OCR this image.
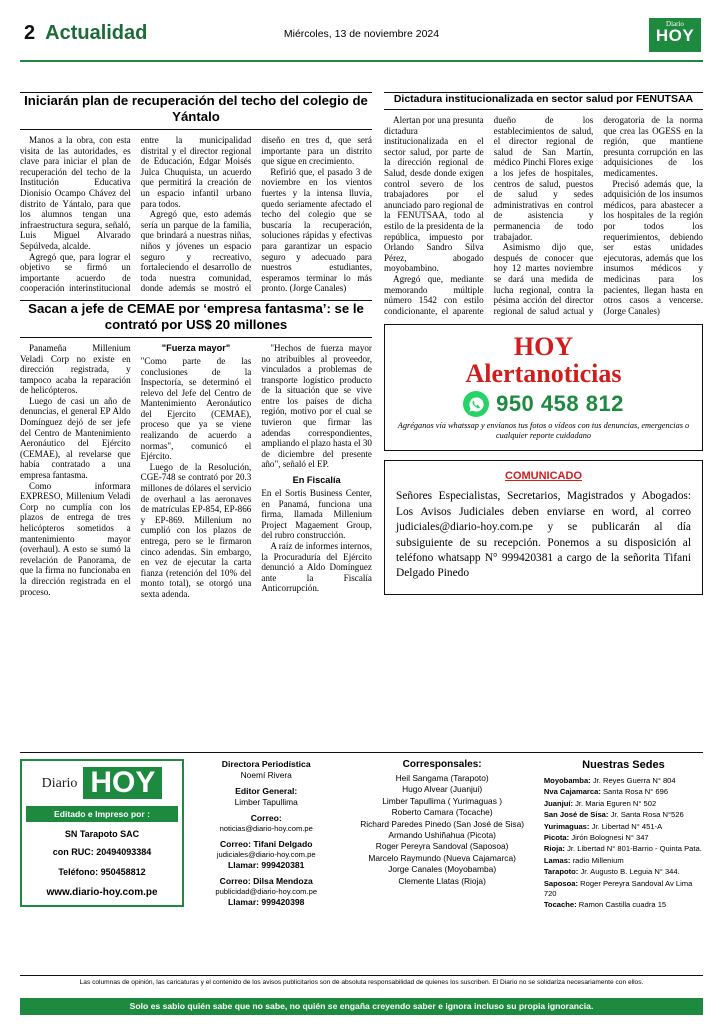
2 Actualidad	Miércoles, 13 de noviembre 2024
Diario
HOY
Iniciarán plan de recuperación del techo del colegio de Yántalo

Manos a la obra, con esta visita de las autoridades, es clave para iniciar el plan de recuperación del techo de la Institución Educativa Dionisio Ocampo Chávez del distrito de Yántalo, para que los alumnos tengan una infraestructura segura, señaló, Luis Miguel Alvarado Sepúlveda, alcalde.

Agregó que, para lograr el objetivo se firmó un importante acuerdo de cooperación interinstitucional entre la municipalidad distrital y el director regional de Educación, Edgar Moisés Julca Chuquista, un acuerdo que permitirá la creación de un espacio infantil urbano para todos.

Agregó que, esto además sería un parque de la familia, que brindará a nuestras niñas, niños y jóvenes un espacio seguro y recreativo, fortaleciendo el desarrollo de toda nuestra comunidad, donde además se mostró el diseño en tres d, que será importante para un distrito que sigue en crecimiento.

Refirió que, el pasado 3 de noviembre en los vientos fuertes y la intensa lluvia, quedo seriamente afectado el techo del colegio que se buscaría la recuperación, soluciones rápidas y efectivas para garantizar un espacio seguro y adecuado para nuestros estudiantes, esperamos terminar lo más pronto. (Jorge Canales)

Sacan a jefe de CEMAE por ‘empresa fantasma’: se le contrató por US$ 20 millones

Panameña Millenium Veladi Corp no existe en dirección registrada, y tampoco acaba la reparación de helicópteros.

Luego de casi un año de denuncias, el general EP Aldo Domínguez dejó de ser jefe del Centro de Mantenimiento Aeronáutico del Ejército (CEMAE), al revelarse que había contratado a una empresa fantasma.

Como informara EXPRESO, Millenium Veladi Corp no cumplía con los plazos de entrega de tres helicópteros sometidos a mantenimiento mayor (overhaul). A esto se sumó la revelación de Panorama, de que la firma no funcionaba en la dirección registrada en el proceso.

"Fuerza mayor"

"Como parte de las conclusiones de la Inspectoría, se determinó el relevo del Jefe del Centro de Mantenimiento Aeronáutico del Ejercito (CEMAE), proceso que ya se viene realizando de acuerdo a normas", comunicó el Ejército.

Luego de la Resolución, CGE-748 se contrató por 20.3 millones de dólares el servicio de overhaul a las aeronaves de matrículas EP-854, EP-866 y EP-869. Millenium no cumplió con los plazos de entrega, pero se le firmaron cinco adendas. Sin embargo, en vez de ejecutar la carta fianza (retención del 10% del monto total), se otorgó una sexta adenda.

"Hechos de fuerza mayor no atribuibles al proveedor, vinculados a problemas de transporte logístico producto de la situación que se vive entre los países de dicha región, motivo por el cual se tuvieron que firmar las adendas correspondientes, ampliando el plazo hasta el 30 de diciembre del presente año", señaló el EP.

En Fiscalía

En el Sortis Business Center, en Panamá, funciona una firma, llamada Millenium Project Magaement Group, del rubro construcción.

A raíz de informes internos, la Procuraduría del Ejército denunció a Aldo Domínguez ante la Fiscalía Anticorrupción.

Dictadura institucionalizada en sector salud por FENUTSAA

Alertan por una presunta dictadura institucionalizada en el sector salud, por parte de la dirección regional de Salud, desde donde exigen control severo de los trabajadores por el anunciado paro regional de la FENUTSAA, todo al estilo de la presidenta de la república, impuesto por Orlando Sandro Silva Pérez, abogado moyobambino.

Agregó que, mediante memorando múltiple número 1542 con estilo condicionante, el aparente dueño de los establecimientos de salud, el director regional de salud de San Martín, médico Pinchi Flores exige a los jefes de hospitales, centros de salud, puestos de salud y sedes administrativas en control de asistencia y permanencia de todo trabajador.

Asimismo dijo que, después de conocer que hoy 12 martes noviembre se dará una medida de lucha regional, contra la pésima acción del director regional de salud actual y derogatoria de la norma que crea las OGESS en la región, que mantiene presunta corrupción en las adquisiciones de los medicamentes.

Precisó además que, la adquisición de los insumos médicos, para abastecer a los hospitales de la región por todos los requerimientos, debiendo ser estas unidades ejecutoras, además que los insumos médicos y medicinas para los pacientes, llegan hasta en otros casos a vencerse. (Jorge Canales)

HOY
Alertanoticias
950 458 812
Agréganos vía whatssap y envíanos tus fotos o vídeos con tus denuncias, emergencias o cualquier reporte cuidadano
COMUNICADO
Señores Especialistas, Secretarios, Magistrados y Abogados: Los Avisos Judiciales deben enviarse en word, al correo judiciales@diario-hoy.com.pe y se publicarán al día subsiguiente de su recepción. Ponemos a su disposición al teléfono whatsapp N° 999420381 a cargo de la señorita Tifani Delgado Pinedo
Diario HOY
Editado e Impreso por :
SN Tarapoto SAC
con RUC: 20494093384
Teléfono: 950458812
www.diario-hoy.com.pe
Directora Periodística
Noemí Rivera
Editor General:
Limber Tapullima
Correo:
noticias@diario-hoy.com.pe
Correo: Tifani Delgado
judiciales@diario-hoy.com.pe
Llamar: 999420381
Correo: Dilsa Mendoza
publicidad@diario-hoy.com.pe
Llamar: 999420398
Corresponsales:
Heil Sangama (Tarapoto)
Hugo Alvear (Juanjui)
Limber Tapullima ( Yurimaguas )
Roberto Camara (Tocache)
Richard Paredes Pinedo (San José de Sisa)
Armando Ushiñahua (Picota)
Roger Pereyra Sandoval (Saposoa)
Marcelo Raymundo (Nueva Cajamarca)
Jorge Canales (Moyobamba)
Clemente Llatas (Rioja)
Nuestras Sedes
Moyobamba: Jr. Reyes Guerra N° 804
Nva Cajamarca: Santa Rosa N° 696
Juanjuí: Jr. Maria Eguren N° 502
San José de Sisa: Jr. Santa Rosa N°526
Yurimaguas: Jr. Libertad N° 451-A
Picota: Jirón Bolognesi N° 347
Rioja: Jr. Libertad N° 801-Barrio - Quinta Pata.
Lamas: radio Millenium
Tarapoto: Jr. Augusto B. Leguia N° 344.
Saposoa: Roger Pereyra Sandoval Av Lima 720
Tocache: Ramon Castilla cuadra 15
Las columnas de opinión, las caricaturas y el contenido de los avisos publicitarios son de absoluta responsabilidad de quienes los suscriben. El Diario no se solidariza necesariamente con ellos.
Solo es sabio quién sabe que no sabe, no quién se engaña creyendo saber e ignora incluso su propia ignorancia.
